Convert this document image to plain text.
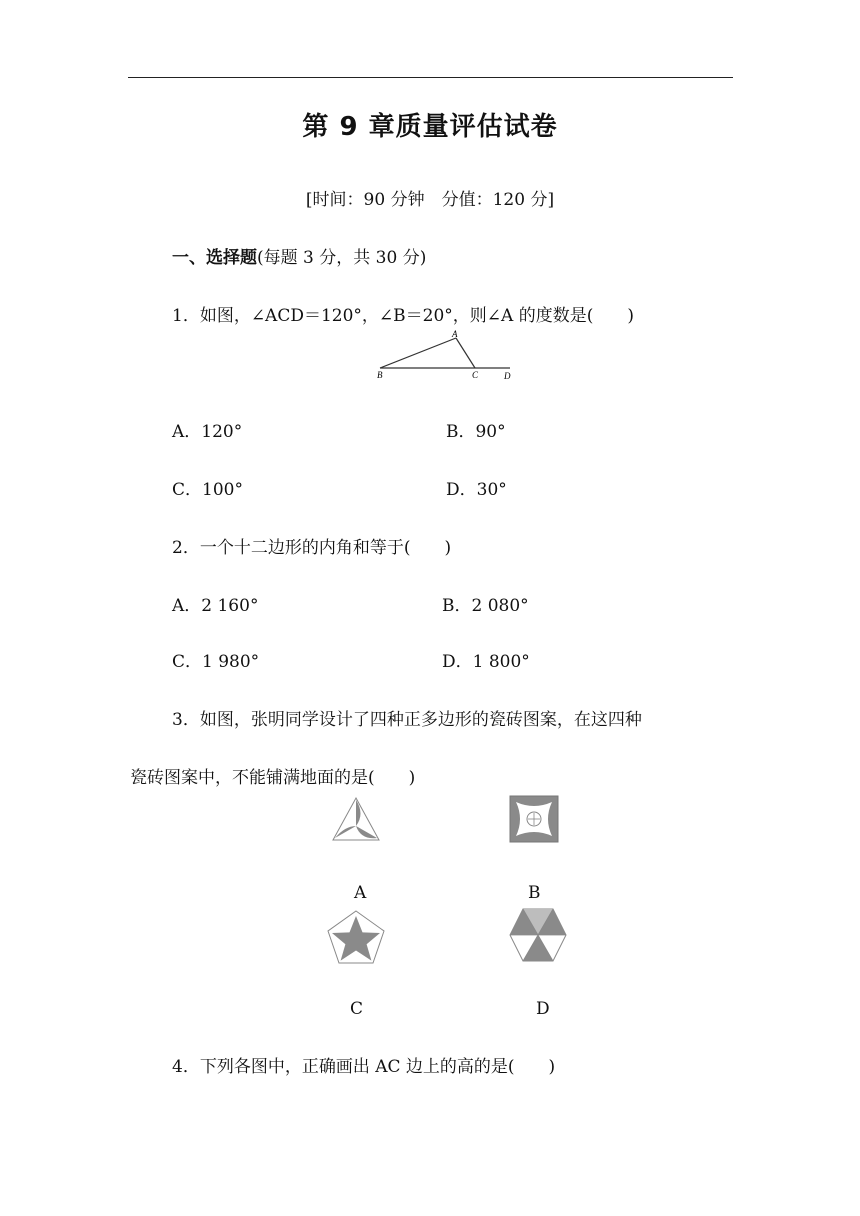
第 9 章质量评估试卷
[时间：90 分钟　分值：120 分]
一、选择题(每题 3 分，共 30 分)
1．如图，∠ACD＝120°，∠B＝20°，则∠A 的度数是(　　)
A
B	C	D
A．120°	B．90°
C．100°	D．30°
2．一个十二边形的内角和等于(　　)
A．2 160°	B．2 080°
C．1 980°	D．1 800°
3．如图，张明同学设计了四种正多边形的瓷砖图案，在这四种
瓷砖图案中，不能铺满地面的是(　　)
A	B
C	D
4．下列各图中，正确画出 AC 边上的高的是(　　)
